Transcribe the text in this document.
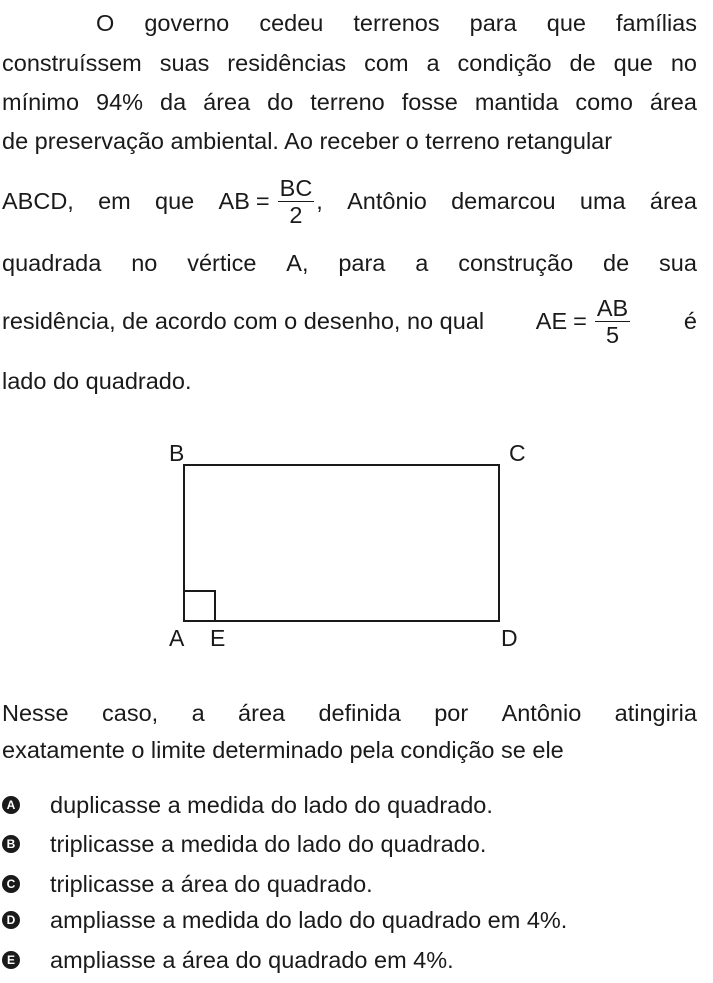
O governo cedeu terrenos para que famílias
construíssem suas residências com a condição de que no
mínimo 94% da área do terreno fosse mantida como área
de preservação ambiental. Ao receber o terreno retangular
ABCD, em que AB = $\frac{BC}{2}$ , Antônio demarcou uma área
quadrada no vértice A, para a construção de sua
residência, de acordo com o desenho, no qual AE = $\frac{AB}{5}$ é
lado do quadrado.
B	C
A E	D
Nesse caso, a área definida por Antônio atingiria
exatamente o limite determinado pela condição se ele
A duplicasse a medida do lado do quadrado.
B triplicasse a medida do lado do quadrado.
C triplicasse a área do quadrado.
D ampliasse a medida do lado do quadrado em 4%.
E ampliasse a área do quadrado em 4%.
